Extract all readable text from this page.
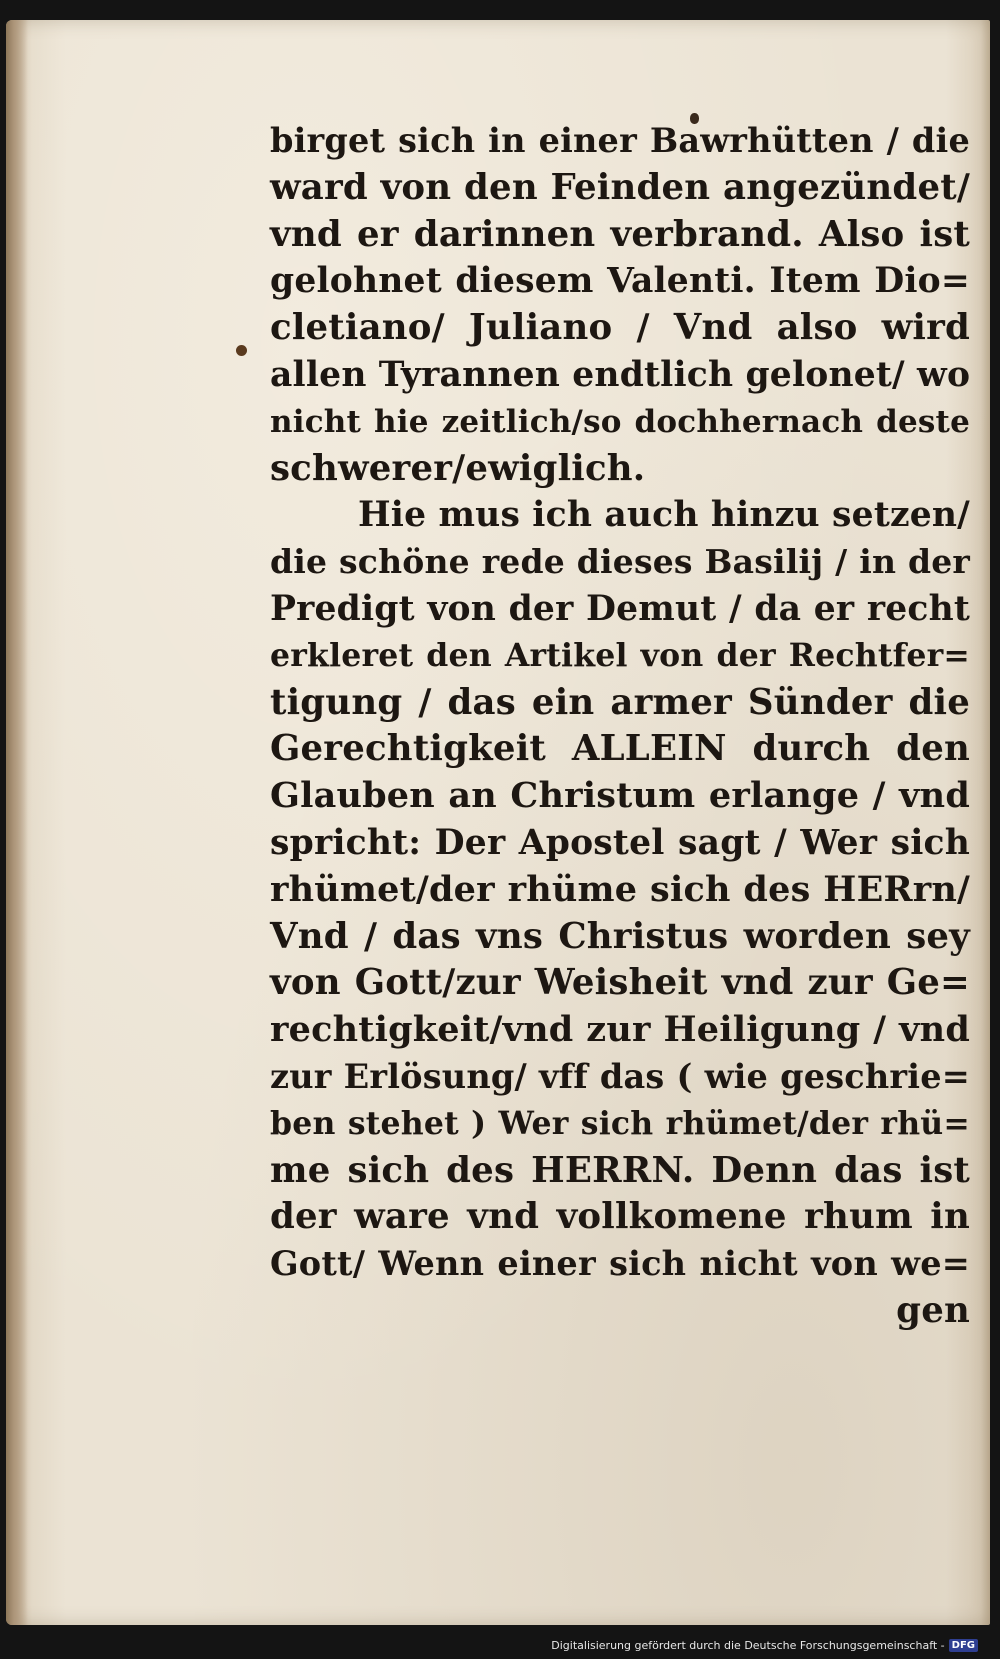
birget sich in einer Bawrhütten / die
ward von den Feinden angezündet/
vnd er darinnen verbrand. Also ist
gelohnet diesem Valenti. Item Dio=
cletiano/ Juliano / Vnd also wird
allen Tyrannen endtlich gelonet/ wo
nicht hie zeitlich/so dochhernach deste
schwerer/ewiglich.
Hie mus ich auch hinzu setzen/
die schöne rede dieses Basilij / in der
Predigt von der Demut / da er recht
erkleret den Artikel von der Rechtfer=
tigung / das ein armer Sünder die
Gerechtigkeit ALLEIN durch den
Glauben an Christum erlange / vnd
spricht: Der Apostel sagt / Wer sich
rhümet/der rhüme sich des HERrn/
Vnd / das vns Christus worden sey
von Gott/zur Weisheit vnd zur Ge=
rechtigkeit/vnd zur Heiligung / vnd
zur Erlösung/ vff das ( wie geschrie=
ben stehet ) Wer sich rhümet/der rhü=
me sich des HERRN. Denn das ist
der ware vnd vollkomene rhum in
Gott/ Wenn einer sich nicht von we=
gen
Digitalisierung gefördert durch die Deutsche Forschungsgemeinschaft - DFG
